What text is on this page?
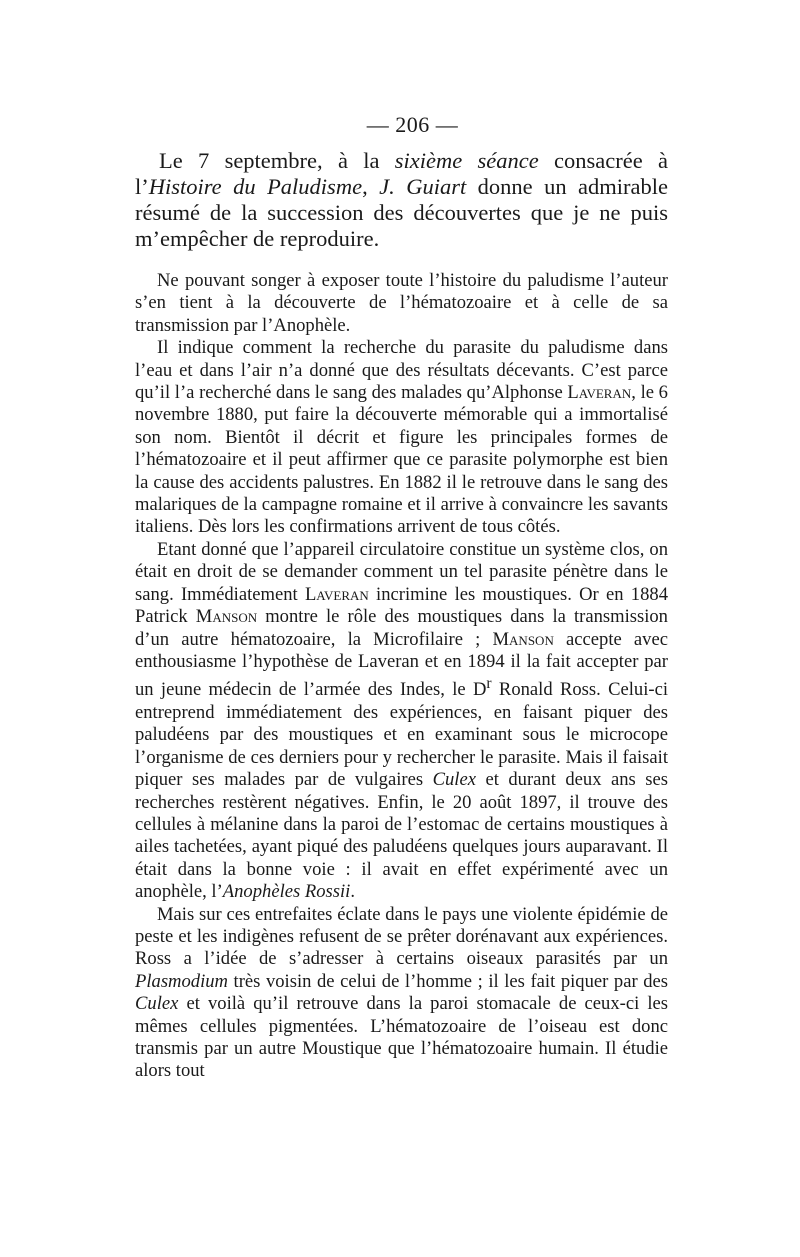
— 206 —

Le 7 septembre, à la sixième séance consacrée à l’Histoire du Paludisme, J. Guiart donne un admirable résumé de la succession des découvertes que je ne puis m’empêcher de reproduire.

Ne pouvant songer à exposer toute l’histoire du paludisme l’auteur s’en tient à la découverte de l’hématozoaire et à celle de sa transmission par l’Anophèle.

Il indique comment la recherche du parasite du paludisme dans l’eau et dans l’air n’a donné que des résultats décevants. C’est parce qu’il l’a recherché dans le sang des malades qu’Alphonse Laveran, le 6 novembre 1880, put faire la découverte mémorable qui a immortalisé son nom. Bientôt il décrit et figure les principales formes de l’hématozoaire et il peut affirmer que ce parasite polymorphe est bien la cause des accidents palustres. En 1882 il le retrouve dans le sang des malariques de la campagne romaine et il arrive à convaincre les savants italiens. Dès lors les confirmations arrivent de tous côtés.

Etant donné que l’appareil circulatoire constitue un système clos, on était en droit de se demander comment un tel parasite pénètre dans le sang. Immédiatement Laveran incrimine les moustiques. Or en 1884 Patrick Manson montre le rôle des moustiques dans la transmission d’un autre hématozoaire, la Microfilaire ; Manson accepte avec enthousiasme l’hypothèse de Laveran et en 1894 il la fait accepter par un jeune médecin de l’armée des Indes, le $D^r$ Ronald Ross. Celui-ci entreprend immédiatement des expériences, en faisant piquer des paludéens par des moustiques et en examinant sous le microcope l’organisme de ces derniers pour y rechercher le parasite. Mais il faisait piquer ses malades par de vulgaires Culex et durant deux ans ses recherches restèrent négatives. Enfin, le 20 août 1897, il trouve des cellules à mélanine dans la paroi de l’estomac de certains moustiques à ailes tachetées, ayant piqué des paludéens quelques jours auparavant. Il était dans la bonne voie : il avait en effet expérimenté avec un anophèle, l’Anophèles Rossii.

Mais sur ces entrefaites éclate dans le pays une violente épidémie de peste et les indigènes refusent de se prêter dorénavant aux expériences. Ross a l’idée de s’adresser à certains oiseaux parasités par un Plasmodium très voisin de celui de l’homme ; il les fait piquer par des Culex et voilà qu’il retrouve dans la paroi stomacale de ceux-ci les mêmes cellules pigmentées. L’hématozoaire de l’oiseau est donc transmis par un autre Moustique que l’hématozoaire humain. Il étudie alors tout
